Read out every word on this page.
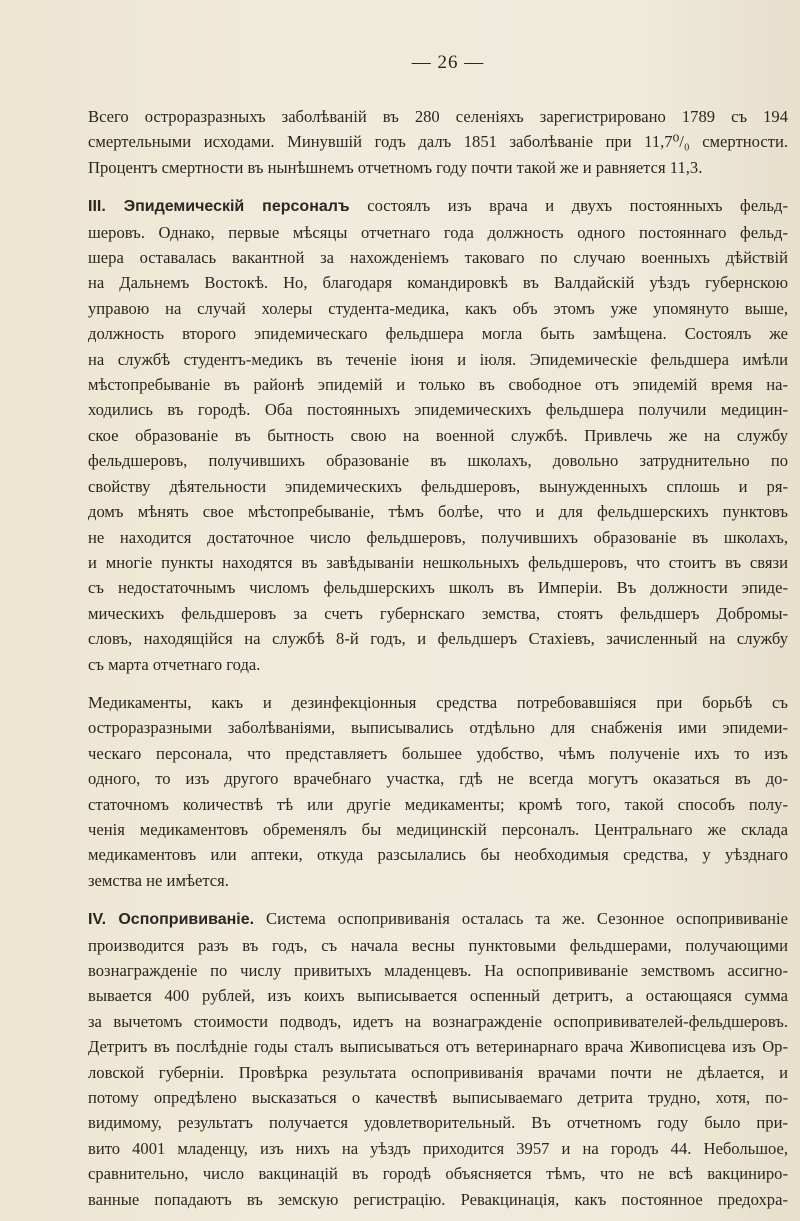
— 26 —

Всего остроразразныхъ заболѣваній въ 280 селеніяхъ зарегистрировано 1789 съ 194

смертельными исходами. Минувшій годъ далъ 1851 заболѣваніе при 11,7⁰/₀ смертности.

Процентъ смертности въ нынѣшнемъ отчетномъ году почти такой же и равняется 11,3.

III. Эпидемическій персоналъ состоялъ изъ врача и двухъ постоянныхъ фельд-

шеровъ. Однако, первые мѣсяцы отчетнаго года должность одного постояннаго фельд-

шера оставалась вакантной за нахожденіемъ таковаго по случаю военныхъ дѣйствій

на Дальнемъ Востокѣ. Но, благодаря командировкѣ въ Валдайскій уѣздъ губернскою

управою на случай холеры студента-медика, какъ объ этомъ уже упомянуто выше,

должность второго эпидемическаго фельдшера могла быть замѣщена. Состоялъ же

на службѣ студентъ-медикъ въ теченіе іюня и іюля. Эпидемическіе фельдшера имѣли

мѣстопребываніе въ районѣ эпидемій и только въ свободное отъ эпидемій время на-

ходились въ городѣ. Оба постоянныхъ эпидемическихъ фельдшера получили медицин-

ское образованіе въ бытность свою на военной службѣ. Привлечь же на службу

фельдшеровъ, получившихъ образованіе въ школахъ, довольно затруднительно по

свойству дѣятельности эпидемическихъ фельдшеровъ, вынужденныхъ сплошь и ря-

домъ мѣнять свое мѣстопребываніе, тѣмъ болѣе, что и для фельдшерскихъ пунктовъ

не находится достаточное число фельдшеровъ, получившихъ образованіе въ школахъ,

и многіе пункты находятся въ завѣдываніи нешкольныхъ фельдшеровъ, что стоитъ въ связи

съ недостаточнымъ числомъ фельдшерскихъ школъ въ Имперіи. Въ должности эпиде-

мическихъ фельдшеровъ за счетъ губернскаго земства, стоятъ фельдшеръ Добромы-

словъ, находящійся на службѣ 8-й годъ, и фельдшеръ Стахіевъ, зачисленный на службу

съ марта отчетнаго года.

Медикаменты, какъ и дезинфекціонныя средства потребовавшіяся при борьбѣ съ

остроразразными заболѣваніями, выписывались отдѣльно для снабженія ими эпидеми-

ческаго персонала, что представляетъ большее удобство, чѣмъ полученіе ихъ то изъ

одного, то изъ другого врачебнаго участка, гдѣ не всегда могутъ оказаться въ до-

статочномъ количествѣ тѣ или другіе медикаменты; кромѣ того, такой способъ полу-

ченія медикаментовъ обременялъ бы медицинскій персоналъ. Центральнаго же склада

медикаментовъ или аптеки, откуда разсылались бы необходимыя средства, у уѣзднаго

земства не имѣется.

IV. Оспопрививаніе. Система оспопрививанія осталась та же. Сезонное оспопрививаніе

производится разъ въ годъ, съ начала весны пунктовыми фельдшерами, получающими

вознагражденіе по числу привитыхъ младенцевъ. На оспопрививаніе земствомъ ассигно-

вывается 400 рублей, изъ коихъ выписывается оспенный детритъ, а остающаяся сумма

за вычетомъ стоимости подводъ, идетъ на вознагражденіе оспопрививателей-фельдшеровъ.

Детритъ въ послѣдніе годы сталъ выписываться отъ ветеринарнаго врача Живописцева изъ Ор-

ловской губерніи. Провѣрка результата оспопрививанія врачами почти не дѣлается, и

потому опредѣлено высказаться о качествѣ выписываемаго детрита трудно, хотя, по-

видимому, результатъ получается удовлетворительный. Въ отчетномъ году было при-

вито 4001 младенцу, изъ нихъ на уѣздъ приходится 3957 и на городъ 44. Небольшое,

сравнительно, число вакцинацій въ городѣ объясняется тѣмъ, что не всѣ вакциниро-

ванные попадаютъ въ земскую регистрацію. Ревакцинація, какъ постоянное предохра-
